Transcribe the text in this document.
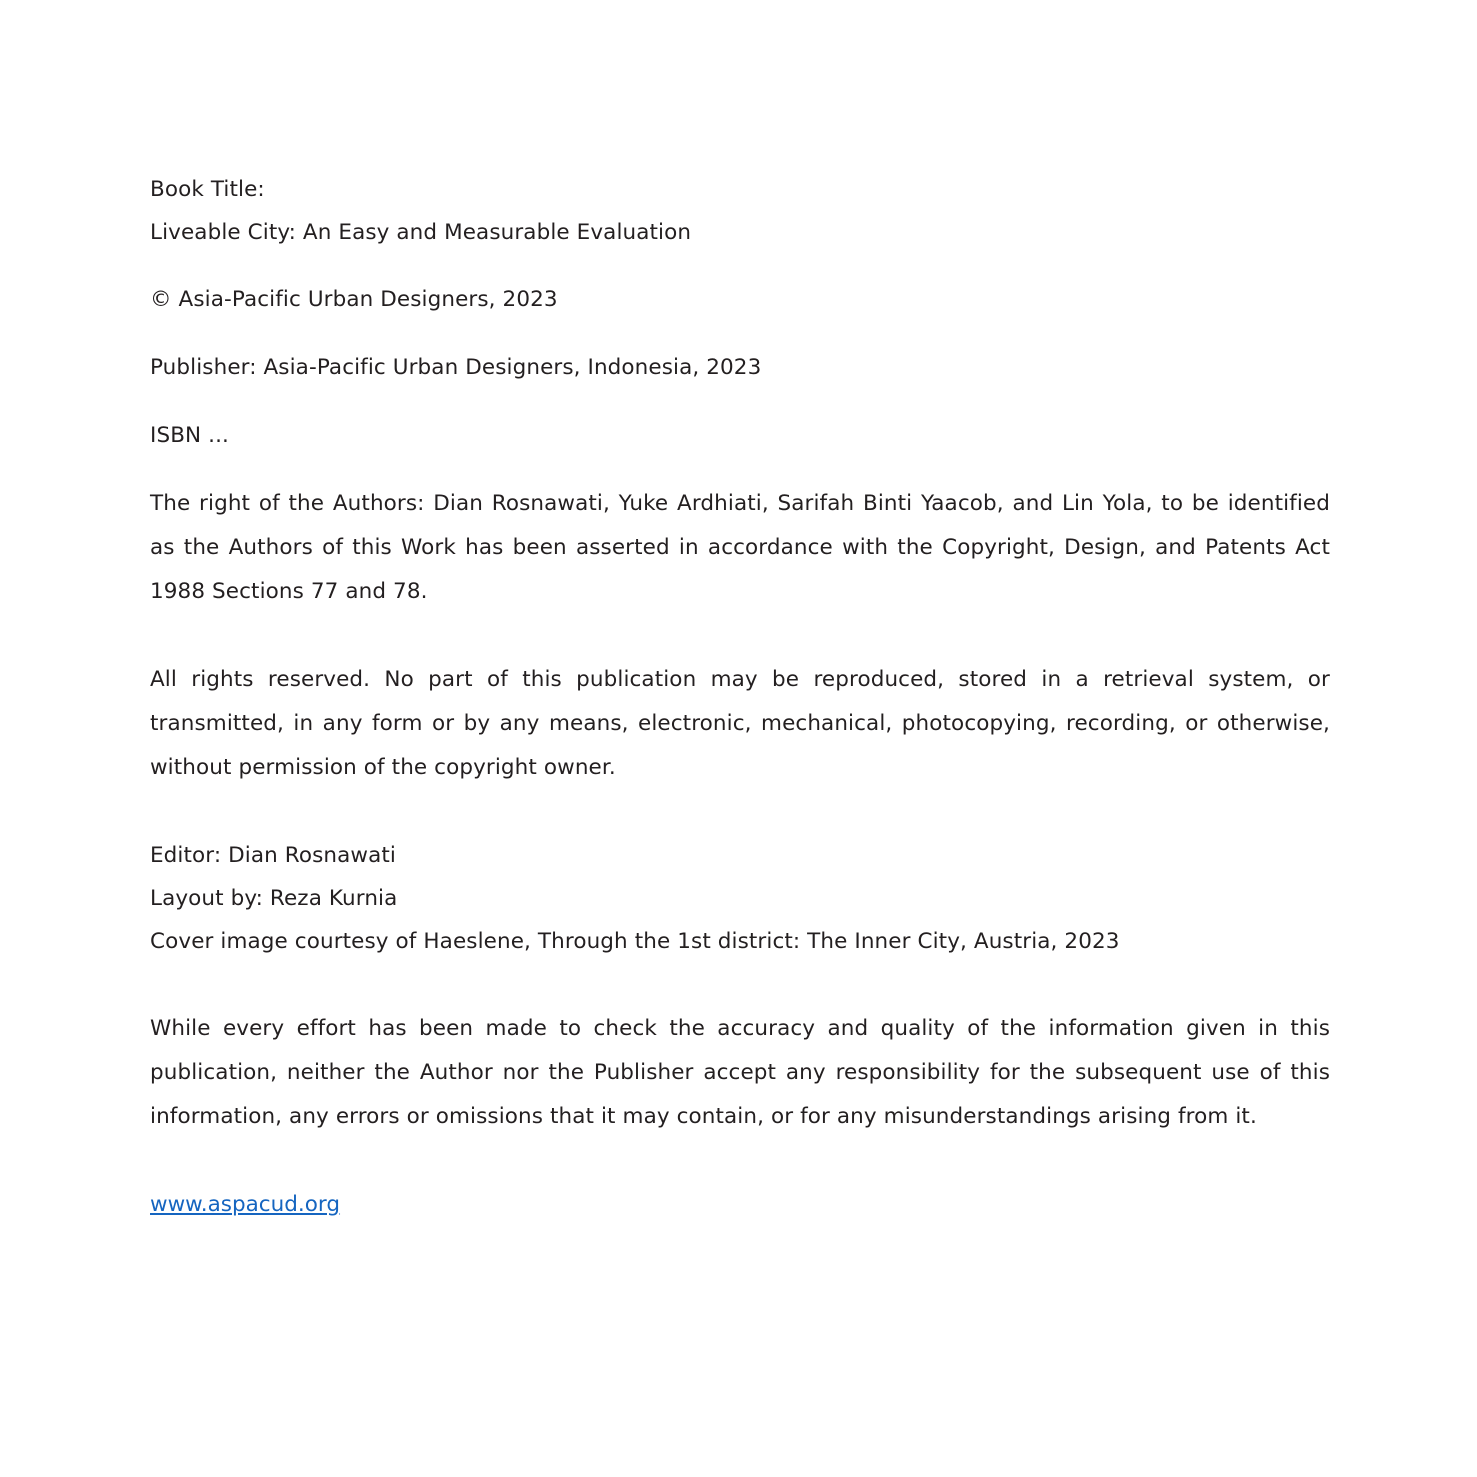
Book Title:
Liveable City: An Easy and Measurable Evaluation
© Asia-Pacific Urban Designers, 2023
Publisher: Asia-Pacific Urban Designers, Indonesia, 2023
ISBN ...
The right of the Authors: Dian Rosnawati, Yuke Ardhiati, Sarifah Binti Yaacob, and Lin Yola, to be identified as the Authors of this Work has been asserted in accordance with the Copyright, Design, and Patents Act 1988 Sections 77 and 78.
All rights reserved. No part of this publication may be reproduced, stored in a retrieval system, or transmitted, in any form or by any means, electronic, mechanical, photocopying, recording, or otherwise, without permission of the copyright owner.
Editor: Dian Rosnawati
Layout by: Reza Kurnia
Cover image courtesy of Haeslene, Through the 1st district: The Inner City, Austria, 2023
While every effort has been made to check the accuracy and quality of the information given in this publication, neither the Author nor the Publisher accept any responsibility for the subsequent use of this information, any errors or omissions that it may contain, or for any misunderstandings arising from it.
www.aspacud.org
